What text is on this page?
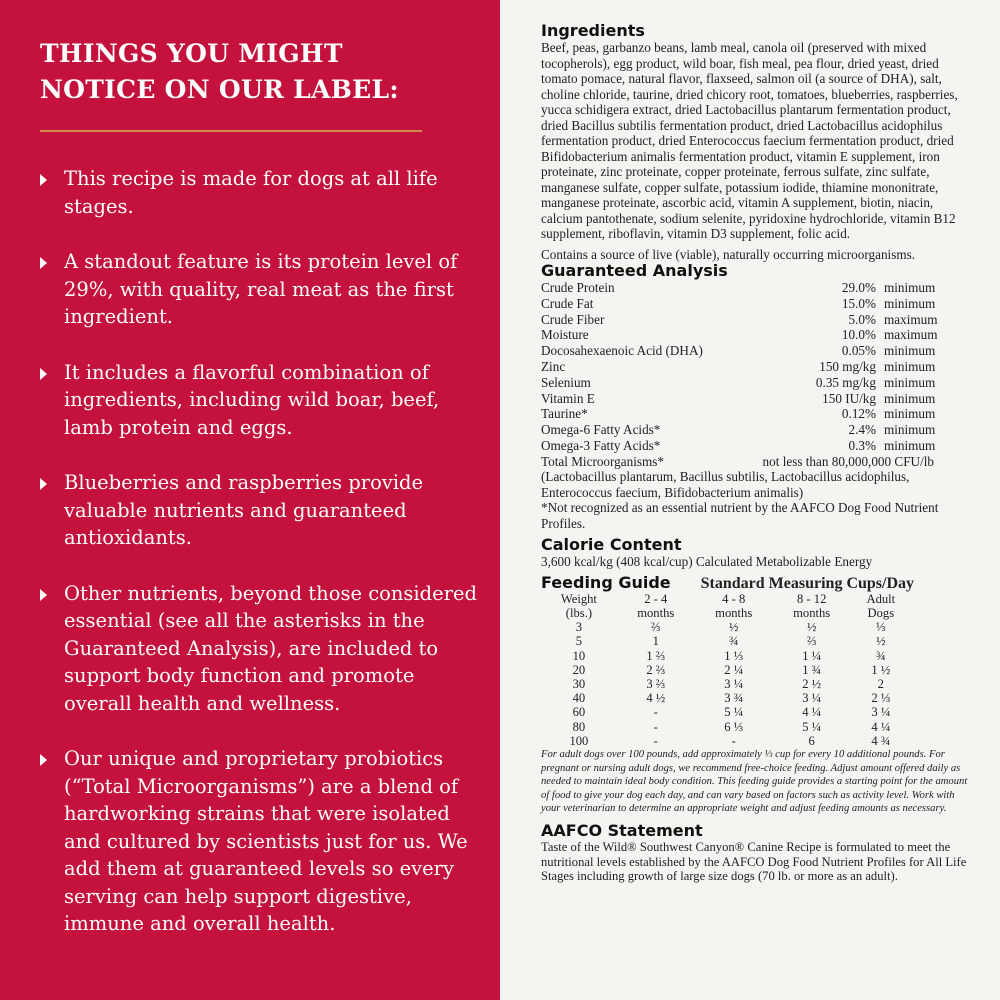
THINGS YOU MIGHT NOTICE ON OUR LABEL:
This recipe is made for dogs at all life stages.
A standout feature is its protein level of 29%, with quality, real meat as the first ingredient.
It includes a flavorful combination of ingredients, including wild boar, beef, lamb protein and eggs.
Blueberries and raspberries provide valuable nutrients and guaranteed antioxidants.
Other nutrients, beyond those considered essential (see all the asterisks in the Guaranteed Analysis), are included to support body function and promote overall health and wellness.
Our unique and proprietary probiotics (“Total Microorganisms”) are a blend of hardworking strains that were isolated and cultured by scientists just for us. We add them at guaranteed levels so every serving can help support digestive, immune and overall health.
Ingredients

Beef, peas, garbanzo beans, lamb meal, canola oil (preserved with mixed tocopherols), egg product, wild boar, fish meal, pea flour, dried yeast, dried tomato pomace, natural flavor, flaxseed, salmon oil (a source of DHA), salt, choline chloride, taurine, dried chicory root, tomatoes, blueberries, raspberries, yucca schidigera extract, dried Lactobacillus plantarum fermentation product, dried Bacillus subtilis fermentation product, dried Lactobacillus acidophilus fermentation product, dried Enterococcus faecium fermentation product, dried Bifidobacterium animalis fermentation product, vitamin E supplement, iron proteinate, zinc proteinate, copper proteinate, ferrous sulfate, zinc sulfate, manganese sulfate, copper sulfate, potassium iodide, thiamine mononitrate, manganese proteinate, ascorbic acid, vitamin A supplement, biotin, niacin, calcium pantothenate, sodium selenite, pyridoxine hydrochloride, vitamin B12 supplement, riboflavin, vitamin D3 supplement, folic acid.

Contains a source of live (viable), naturally occurring microorganisms.

Guaranteed Analysis
Crude Protein	29.0%	minimum
Crude Fat	15.0%	minimum
Crude Fiber	5.0%	maximum
Moisture	10.0%	maximum
Docosahexaenoic Acid (DHA)	0.05%	minimum
Zinc	150 mg/kg	minimum
Selenium	0.35 mg/kg	minimum
Vitamin E	150 IU/kg	minimum
Taurine*	0.12%	minimum
Omega-6 Fatty Acids*	2.4%	minimum
Omega-3 Fatty Acids*	0.3%	minimum
Total Microorganisms*	not less than 80,000,000 CFU/lb

(Lactobacillus plantarum, Bacillus subtilis, Lactobacillus acidophilus, Enterococcus faecium, Bifidobacterium animalis)

*Not recognized as an essential nutrient by the AAFCO Dog Food Nutrient Profiles.

Calorie Content

3,600 kcal/kg (408 kcal/cup) Calculated Metabolizable Energy

Feeding Guide Standard Measuring Cups/Day
Weight	2 - 4	4 - 8	8 - 12	Adult
(lbs.)	months	months	months	Dogs
3	⅔	½	½	⅓
5	1	¾	⅔	½
10	1 ⅔	1 ⅓	1 ¼	¾
20	2 ⅔	2 ¼	1 ¾	1 ½
30	3 ⅔	3 ¼	2 ½	2
40	4 ½	3 ¾	3 ¼	2 ⅓
60	-	5 ¼	4 ¼	3 ¼
80	-	6 ⅓	5 ¼	4 ¼
100	-	-	6	4 ¾

For adult dogs over 100 pounds, add approximately ⅓ cup for every 10 additional pounds. For pregnant or nursing adult dogs, we recommend free-choice feeding. Adjust amount offered daily as needed to maintain ideal body condition. This feeding guide provides a starting point for the amount of food to give your dog each day, and can vary based on factors such as activity level. Work with your veterinarian to determine an appropriate weight and adjust feeding amounts as necessary.

AAFCO Statement

Taste of the Wild® Southwest Canyon® Canine Recipe is formulated to meet the nutritional levels established by the AAFCO Dog Food Nutrient Profiles for All Life Stages including growth of large size dogs (70 lb. or more as an adult).
